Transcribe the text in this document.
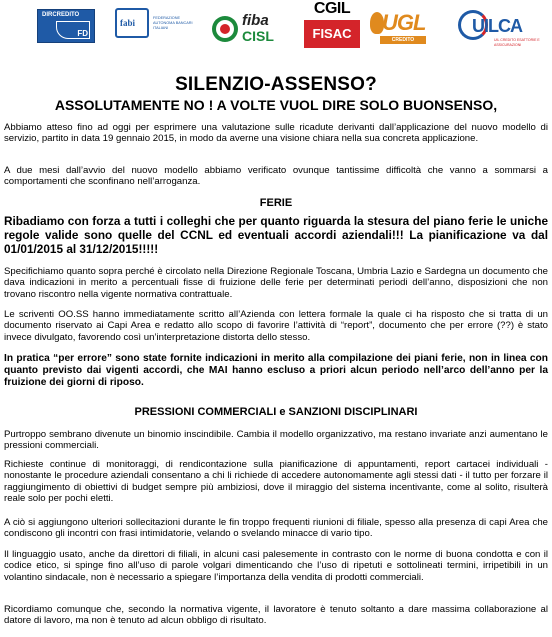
DIRCREDITO
FD
fabi	FEDERAZIONE AUTONOMA BANCARI ITALIANI	fiba
CISL
CGIL
FISAC	UGL
CREDITO
UILCA
UIL CREDITO ESATTORIE E ASSICURAZIONI
SILENZIO-ASSENSO?
ASSOLUTAMENTE NO ! A VOLTE VUOL DIRE SOLO BUONSENSO,
Abbiamo atteso fino ad oggi per esprimere una valutazione sulle ricadute derivanti dall’applicazione del nuovo modello di servizio, partito in data 19 gennaio 2015, in modo da averne una visione chiara nella sua concreta applicazione.
A due mesi dall’avvio del nuovo modello abbiamo verificato ovunque tantissime difficoltà che vanno a sommarsi a comportamenti che sconfinano nell’arroganza.
FERIE
Ribadiamo con forza a tutti i colleghi che per quanto riguarda la stesura del piano ferie le uniche regole valide sono quelle del CCNL ed eventuali accordi aziendali!!! La pianificazione va dal 01/01/2015 al 31/12/2015!!!!!
Specifichiamo quanto sopra perché è circolato nella Direzione Regionale Toscana, Umbria Lazio e Sardegna un documento che dava indicazioni in merito a percentuali fisse di fruizione delle ferie per determinati periodi dell’anno, disposizioni che non trovano riscontro nella vigente normativa contrattuale.
Le scriventi OO.SS hanno immediatamente scritto all’Azienda con lettera formale la quale ci ha risposto che si tratta di un documento riservato ai Capi Area e redatto allo scopo di favorire l’attività di “report”, documento che per errore (??) è stato invece divulgato, favorendo così un’interpretazione distorta dello stesso.
In pratica “per errore” sono state fornite indicazioni in merito alla compilazione dei piani ferie, non in linea con quanto previsto dai vigenti accordi, che MAI hanno escluso a priori alcun periodo nell’arco dell’anno per la fruizione dei giorni di riposo.
PRESSIONI COMMERCIALI e SANZIONI DISCIPLINARI
Purtroppo sembrano divenute un binomio inscindibile. Cambia il modello organizzativo, ma restano invariate anzi aumentano le pressioni commerciali.
Richieste continue di monitoraggi, di rendicontazione sulla pianificazione di appuntamenti, report cartacei individuali - nonostante le procedure aziendali consentano a chi li richiede di accedere autonomamente agli stessi dati - il tutto per forzare il raggiungimento di obiettivi di budget sempre più ambiziosi, dove il miraggio del sistema incentivante, come al solito, risulterà reale solo per pochi eletti.
A ciò si aggiungono ulteriori sollecitazioni durante le fin troppo frequenti riunioni di filiale, spesso alla presenza di capi Area che condiscono gli incontri con frasi intimidatorie, velando o svelando minacce di vario tipo.
Il linguaggio usato, anche da direttori di filiali, in alcuni casi palesemente in contrasto con le norme di buona condotta e con il codice etico, si spinge fino all’uso di parole volgari dimenticando che l’uso di ripetuti e sottolineati termini, irripetibili in un volantino sindacale, non è necessario a spiegare l’importanza della vendita di prodotti commerciali.
Ricordiamo comunque che, secondo la normativa vigente, il lavoratore è tenuto soltanto a dare massima collaborazione al datore di lavoro, ma non è tenuto ad alcun obbligo di risultato.
